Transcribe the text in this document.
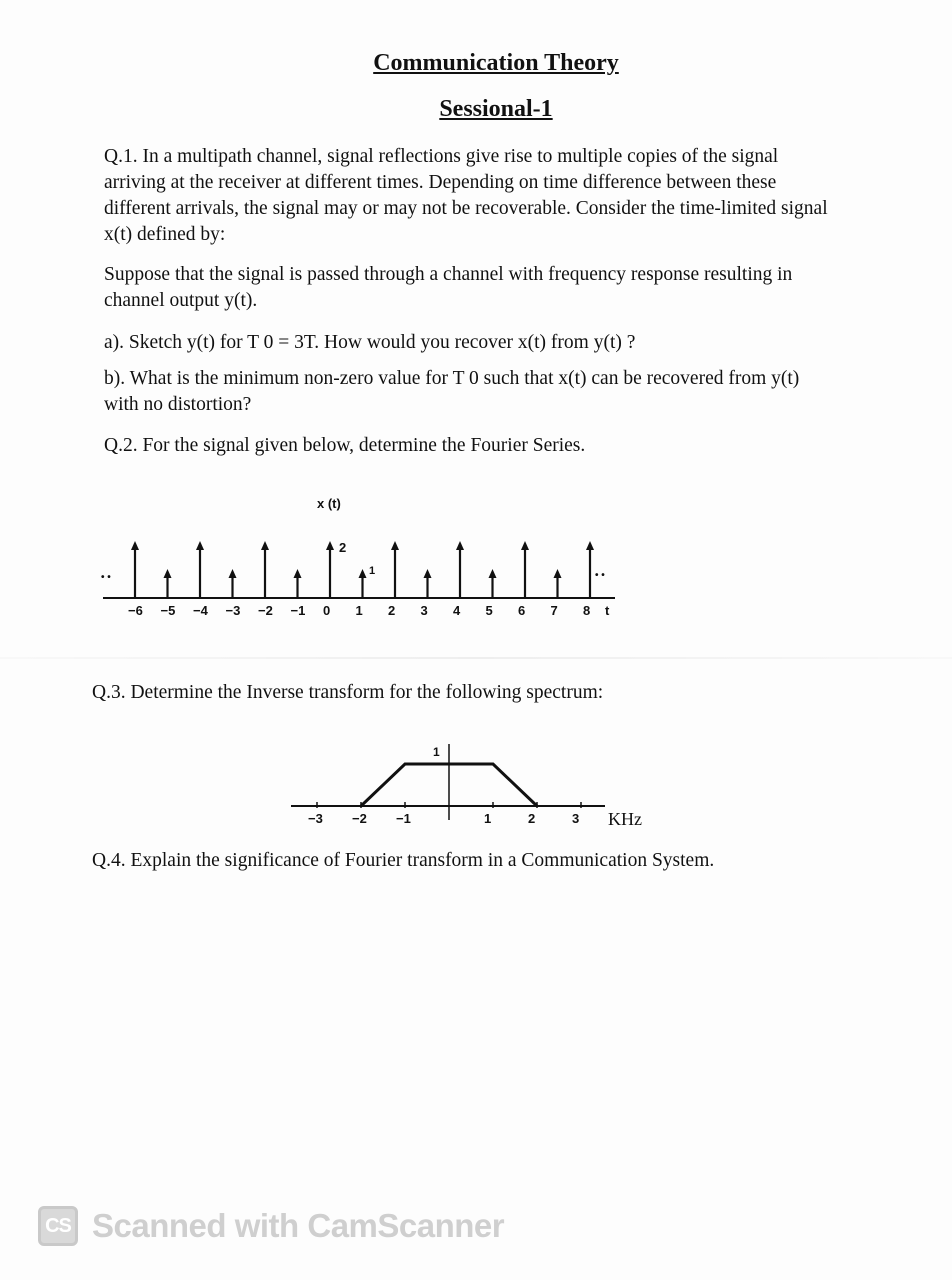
Communication Theory
Sessional-1

Q.1. In a multipath channel, signal reflections give rise to multiple copies of the signal arriving at the receiver at different times. Depending on time difference between these different arrivals, the signal may or may not be recoverable. Consider the time-limited signal x(t) defined by:

Suppose that the signal is passed through a channel with frequency response resulting in channel output y(t).

a). Sketch y(t) for T 0 = 3T. How would you recover x(t) from y(t) ?

b). What is the minimum non-zero value for T 0 such that x(t) can be recovered from y(t) with no distortion?

Q.2. For the signal given below, determine the Fourier Series.

x (t)
• •	• •
2
1
t
−6 −5 −4 −3 −2 −1 0 1 2 3 4 5 6 7 8

Q.3. Determine the Inverse transform for the following spectrum:

1
KHz
−3 −2 −1	1	2	3

Q.4. Explain the significance of Fourier transform in a Communication System.

CS Scanned with CamScanner
